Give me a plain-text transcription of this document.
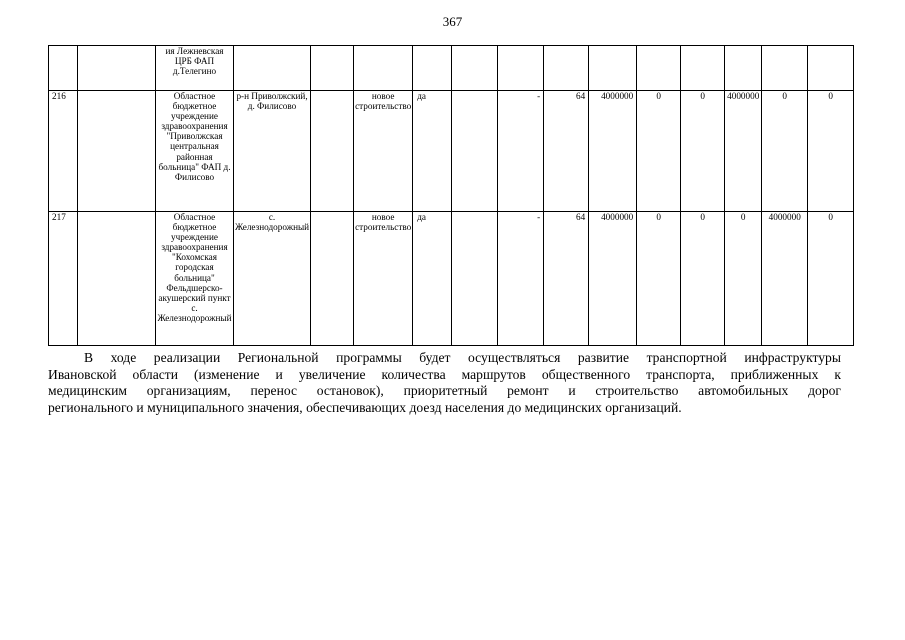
367
		ия Лежневская ЦРБ ФАП д.Телегино														
216		Областное бюджетное учреждение здравоохранения "Приволжская центральная районная больница" ФАП д. Филисово	р-н Приволжский, д. Филисово		новое строительство	да		-	64	4000000	0	0	4000000	0	0	
217		Областное бюджетное учреждение здравоохранения "Кохомская городская больница" Фельдшерско-акушерский пункт с. Железнодорожный	с. Железнодорожный		новое строительство	да		-	64	4000000	0	0	0	4000000	0	
В ходе реализации Региональной программы будет осуществляться развитие транспортной инфраструктуры
Ивановской области (изменение и увеличение количества маршрутов общественного транспорта, приближенных к
медицинским организациям, перенос остановок), приоритетный ремонт и строительство автомобильных дорог
регионального и муниципального значения, обеспечивающих доезд населения до медицинских организаций.
